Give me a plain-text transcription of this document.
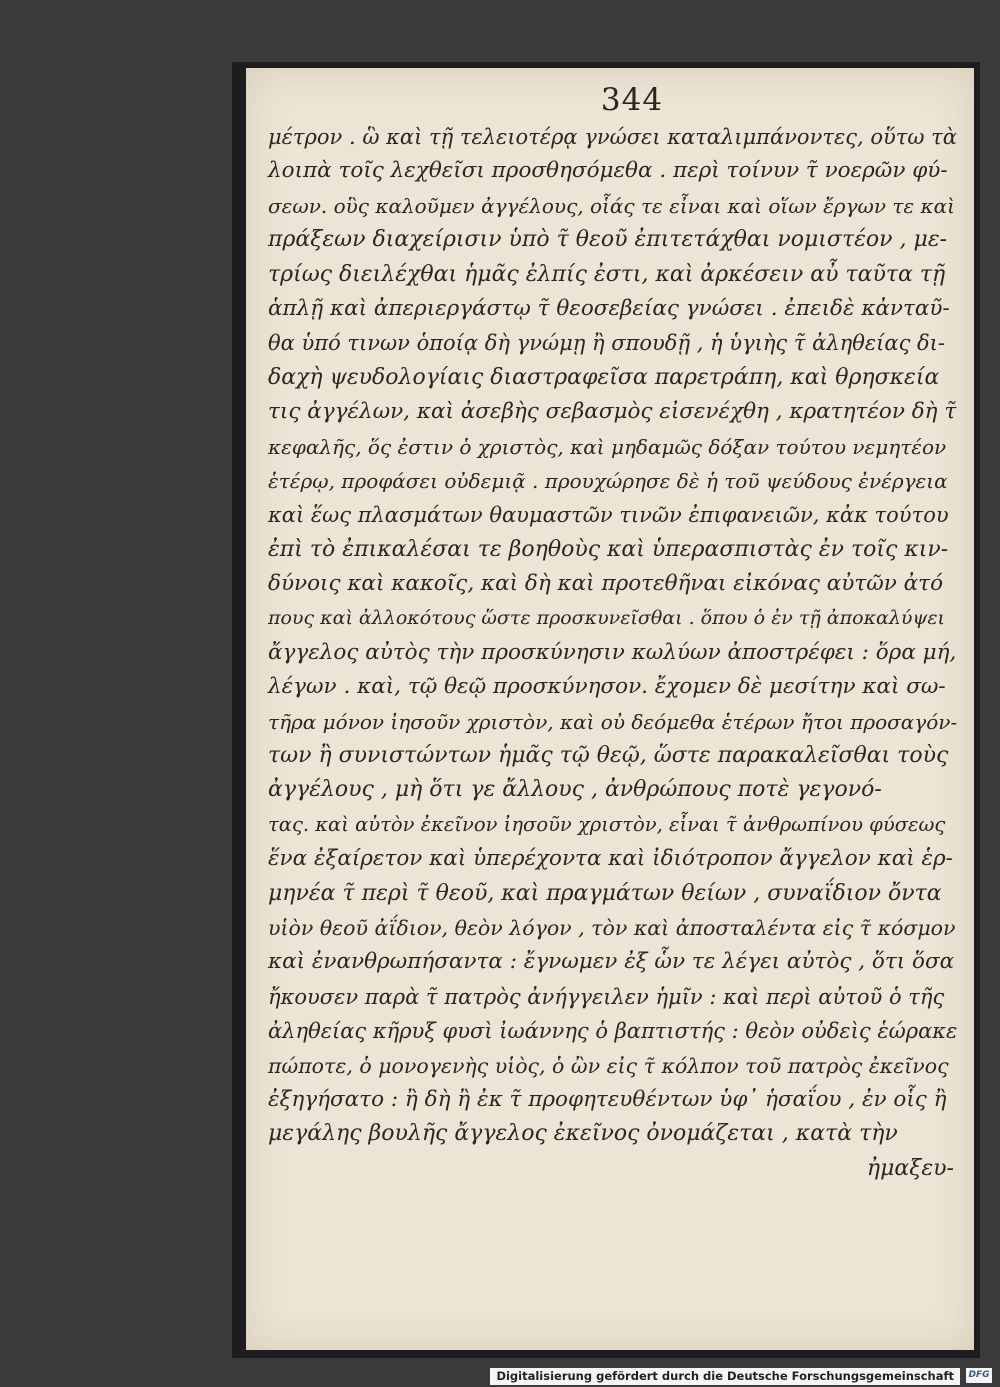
344
μέτρον . ὣ καὶ τῇ τελειοτέρᾳ γνώσει καταλιμπάνοντες, οὕτω τὰ
λοιπὰ τοῖς λεχθεῖσι προσθησόμεθα . περὶ τοίνυν τ̃ νοερῶν φύ-
σεων. οὓς καλοῦμεν ἀγγέλους, οἷάς τε εἶναι καὶ οἵων ἔργων τε καὶ
πράξεων διαχείρισιν ὑπὸ τ̃ θεοῦ ἐπιτετάχθαι νομιστέον , με-
τρίως διειλέχθαι ἡμᾶς ἐλπίς ἐστι, καὶ ἀρκέσειν αὖ ταῦτα τῇ
ἁπλῇ καὶ ἀπεριεργάστῳ τ̃ θεοσεβείας γνώσει . ἐπειδὲ κἀνταῦ-
θα ὑπό τινων ὁποίᾳ δὴ γνώμῃ ἢ σπουδῇ , ἡ ὑγιὴς τ̃ ἀληθείας δι-
δαχὴ ψευδολογίαις διαστραφεῖσα παρετράπη, καὶ θρησκεία
τις ἀγγέλων, καὶ ἀσεβὴς σεβασμὸς εἰσενέχθη , κρατητέον δὴ τ̃
κεφαλῆς, ὅς ἐστιν ὁ χριστὸς, καὶ μηδαμῶς δόξαν τούτου νεμητέον
ἑτέρῳ, προφάσει οὐδεμιᾷ . προυχώρησε δὲ ἡ τοῦ ψεύδους ἐνέργεια
καὶ ἕως πλασμάτων θαυμαστῶν τινῶν ἐπιφανειῶν, κἀκ τούτου
ἐπὶ τὸ ἐπικαλέσαι τε βοηθοὺς καὶ ὑπερασπιστὰς ἐν τοῖς κιν-
δύνοις καὶ κακοῖς, καὶ δὴ καὶ προτεθῆναι εἰκόνας αὐτῶν ἀτό
πους καὶ ἀλλοκότους ὥστε προσκυνεῖσθαι . ὅπου ὁ ἐν τῇ ἀποκαλύψει
ἄγγελος αὐτὸς τὴν προσκύνησιν κωλύων ἀποστρέφει : ὅρα μή,
λέγων . καὶ, τῷ θεῷ προσκύνησον. ἔχομεν δὲ μεσίτην καὶ σω-
τῆρα μόνον ἰησοῦν χριστὸν, καὶ οὐ δεόμεθα ἑτέρων ἤτοι προσαγόν-
των ἢ συνιστώντων ἡμᾶς τῷ θεῷ, ὥστε παρακαλεῖσθαι τοὺς
ἀγγέλους , μὴ ὅτι γε ἄλλους , ἀνθρώπους ποτὲ γεγονό-
τας. καὶ αὐτὸν ἐκεῖνον ἰησοῦν χριστὸν, εἶναι τ̃ ἀνθρωπίνου φύσεως
ἕνα ἐξαίρετον καὶ ὑπερέχοντα καὶ ἰδιότροπον ἄγγελον καὶ ἑρ-
μηνέα τ̃ περὶ τ̃ θεοῦ, καὶ πραγμάτων θείων , συναΐδιον ὄντα
υἱὸν θεοῦ ἀΐδιον, θεὸν λόγον , τὸν καὶ ἀποσταλέντα εἰς τ̃ κόσμον
καὶ ἐνανθρωπήσαντα : ἔγνωμεν ἐξ ὧν τε λέγει αὐτὸς , ὅτι ὅσα
ἤκουσεν παρὰ τ̃ πατρὸς ἀνήγγειλεν ἡμῖν : καὶ περὶ αὐτοῦ ὁ τῆς
ἀληθείας κῆρυξ φυσὶ ἰωάννης ὁ βαπτιστής : θεὸν οὐδεὶς ἑώρακε
πώποτε, ὁ μονογενὴς υἱὸς, ὁ ὢν εἰς τ̃ κόλπον τοῦ πατρὸς ἐκεῖνος
ἐξηγήσατο : ἢ δὴ ἢ ἐκ τ̃ προφητευθέντων ὑφ᾽ ἡσαΐου , ἐν οἷς ἢ
μεγάλης βουλῆς ἄγγελος ἐκεῖνος ὀνομάζεται , κατὰ τὴν
ἠμαξευ-
Digitalisierung gefördert durch die Deutsche Forschungsgemeinschaft	DFG
